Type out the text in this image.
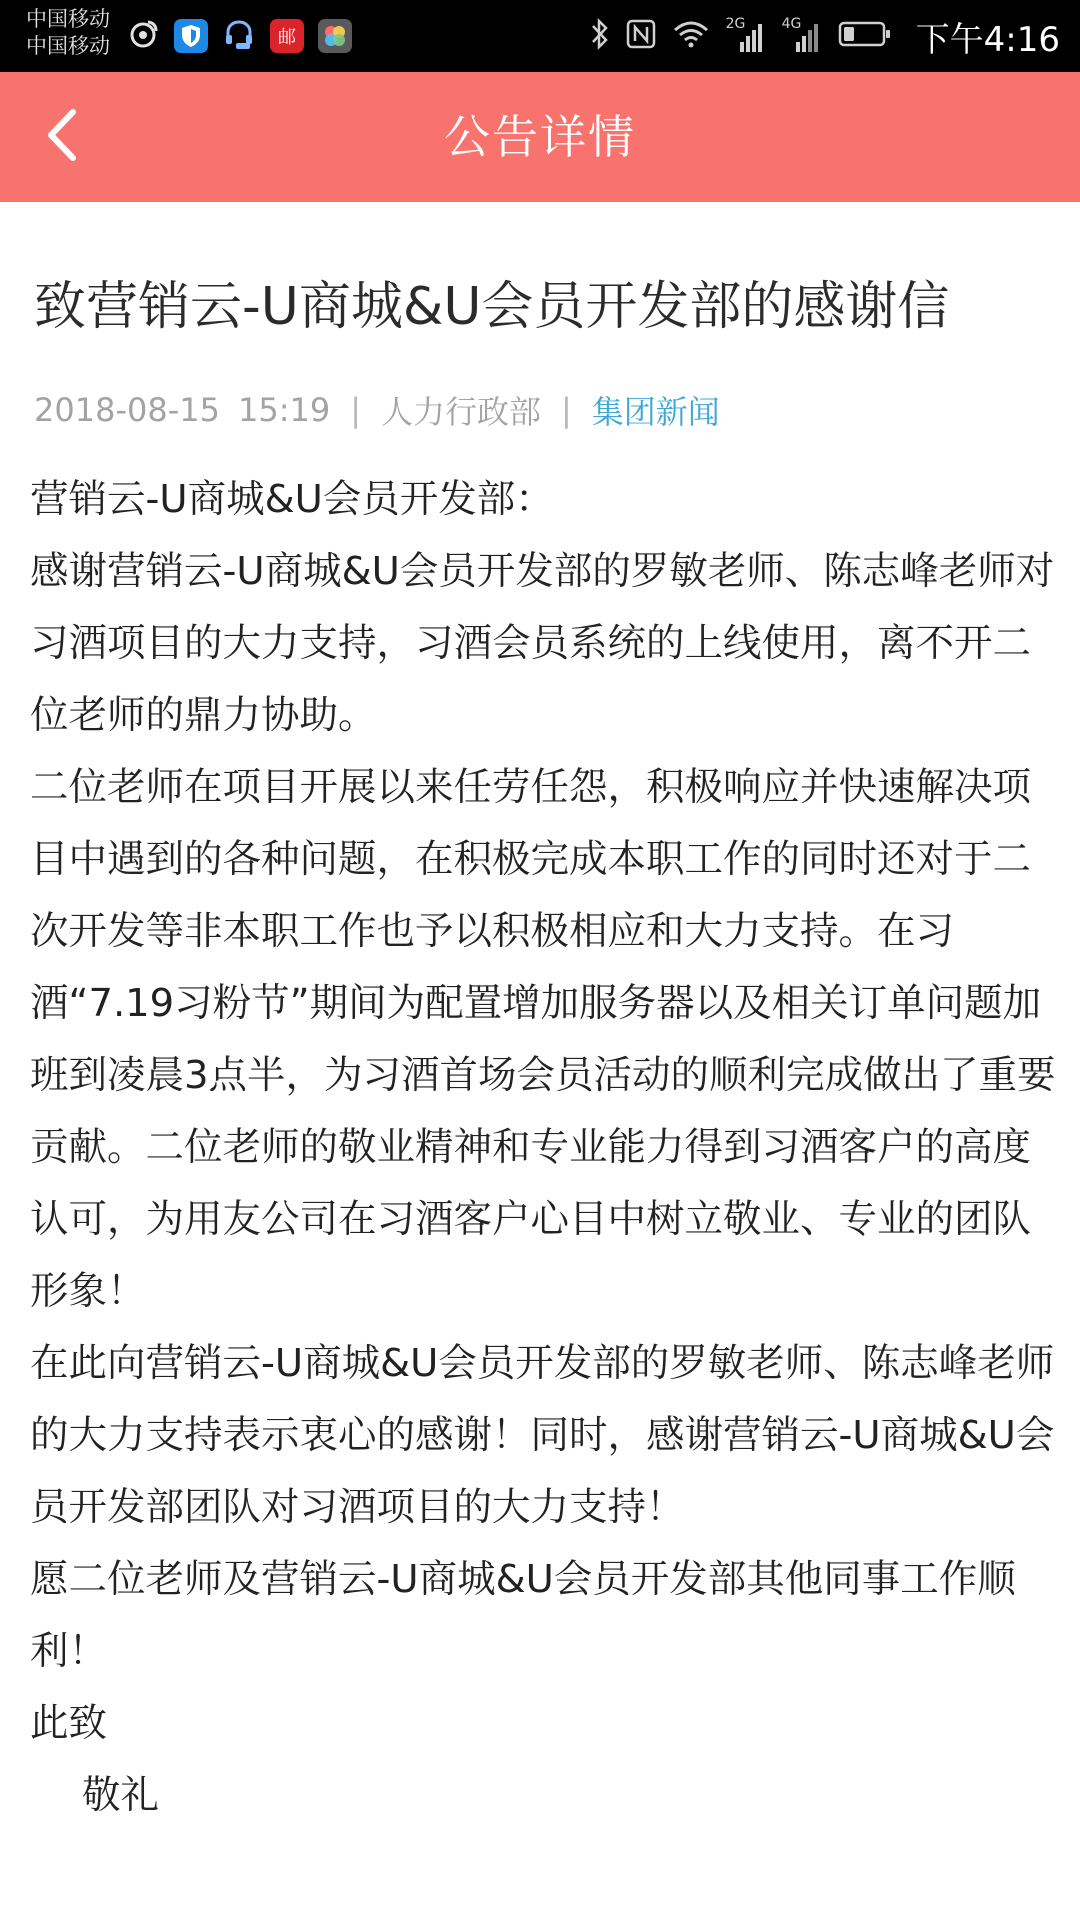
中国移动
中国移动	邮
2G	4G	下午4:16
公告详情
致营销云-U商城&U会员开发部的感谢信
2018-08-15 15:19 | 人力行政部 | 集团新闻

营销云-U商城&U会员开发部：

感谢营销云-U商城&U会员开发部的罗敏老师、陈志峰老师对习酒项目的大力支持，习酒会员系统的上线使用，离不开二位老师的鼎力协助。

二位老师在项目开展以来任劳任怨，积极响应并快速解决项目中遇到的各种问题，在积极完成本职工作的同时还对于二次开发等非本职工作也予以积极相应和大力支持。在习酒“7.19习粉节”期间为配置增加服务器以及相关订单问题加班到凌晨3点半，为习酒首场会员活动的顺利完成做出了重要贡献。二位老师的敬业精神和专业能力得到习酒客户的高度认可，为用友公司在习酒客户心目中树立敬业、专业的团队形象！

在此向营销云-U商城&U会员开发部的罗敏老师、陈志峰老师的大力支持表示衷心的感谢！同时，感谢营销云-U商城&U会员开发部团队对习酒项目的大力支持！

愿二位老师及营销云-U商城&U会员开发部其他同事工作顺利！

此致

敬礼
